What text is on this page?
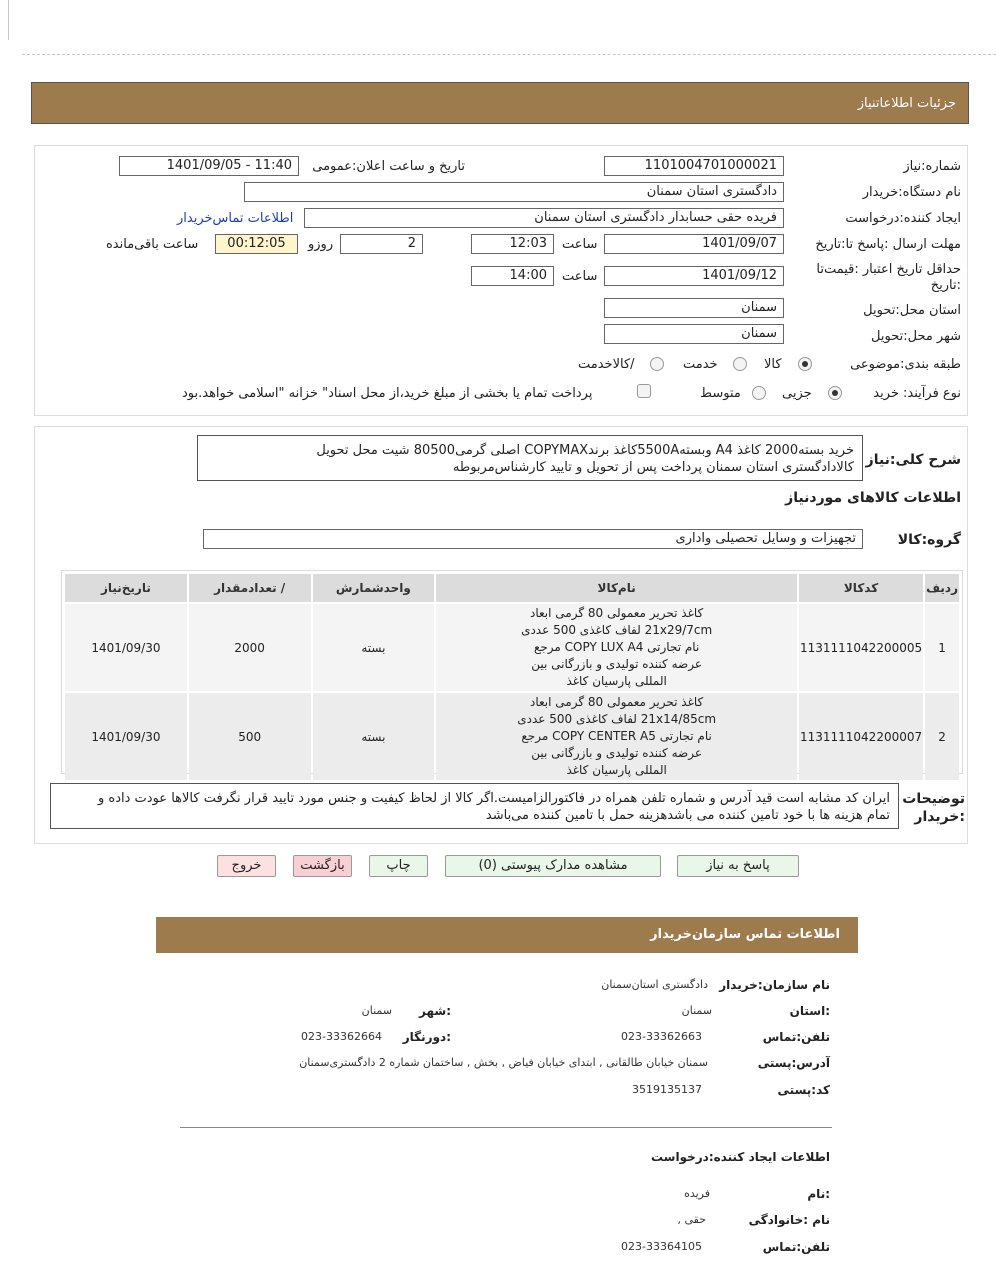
جزئیات اطلاعاتنیاز
شماره:نیاز
1101004701000021
تاریخ و ساعت اعلان:عمومی
1401/09/05 - 11:40
نام دستگاه:خریدار
دادگستری استان سمنان
ایجاد کننده:درخواست
فریده حقی حسابدار دادگستری استان سمنان
اطلاعات تماس‌خریدار
مهلت ارسال :پاسخ تا:تاریخ
1401/09/07
ساعت
12:03
2
روزو
00:12:05
ساعت باقی‌مانده
حداقل تاریخ اعتبار :قیمت‌تا
:تاریخ
1401/09/12
ساعت
14:00
استان محل:تحویل
سمنان
شهر محل:تحویل
سمنان
طبقه بندی:موضوعی
کالا
خدمت
/کالاخدمت
نوع فرآیند: خرید
جزیی
متوسط
پرداخت تمام یا بخشی از مبلغ خرید،از محل اسناد" خزانه "اسلامی خواهد.بود
شرح کلی:نیاز
خرید بسته2000 کاغذ A4 وبسته5500Aکاغذ برندCOPYMAX اصلی گرمی80500 شیت محل تحویل
کالادادگستری استان سمنان پرداخت پس از تحویل و تایید کارشناس‌مربوطه
اطلاعات کالاهای موردنیاز
گروه:کالا
تجهیزات و وسایل تحصیلی واداری
ردیف	کدکالا	نام‌کالا	واحدشمارش	/ تعدادمقدار	تاریخ‌نیاز
1	1131111042200005	کاغذ تحریر معمولی 80 گرمی ابعاد
21x29/7cm لفاف کاغذی 500 عددی
نام تجارتی COPY LUX A4 مرجع
عرضه کننده تولیدی و بازرگانی بین
المللی پارسیان کاغذ	بسته	2000	1401/09/30
2	1131111042200007	کاغذ تحریر معمولی 80 گرمی ابعاد
21x14/85cm لفاف کاغذی 500 عددی
نام تجارتی COPY CENTER A5 مرجع
عرضه کننده تولیدی و بازرگانی بین
المللی پارسیان کاغذ	بسته	500	1401/09/30
توضیحات
:خریدار
ایران کد مشابه است قید آدرس و شماره تلفن همراه در فاکتورالزامیست.اگر کالا از لحاظ کیفیت و جنس مورد تایید قرار نگرفت کالاها عودت داده و
تمام هزینه ها با خود تامین کننده می باشدهزینه حمل با تامین کننده می‌باشد
پاسخ به نیاز
مشاهده مدارک پیوستی (0)
چاپ
بازگشت
خروج
اطلاعات تماس سازمان‌خریدار
نام سازمان:خریدار
دادگستری استان‌سمنان
:استان
سمنان
:شهر
سمنان
تلفن:تماس
023-33362663
:دورنگار
023-33362664
آدرس:پستی
سمنان خیابان طالقانی , ابتدای خیابان فیاض , بخش , ساختمان شماره 2 دادگستری‌سمنان
کد:پستی
3519135137
اطلاعات ایجاد کننده:درخواست
:نام
فریده
نام :خانوادگی
حقی ,
تلفن:تماس
023-33364105
